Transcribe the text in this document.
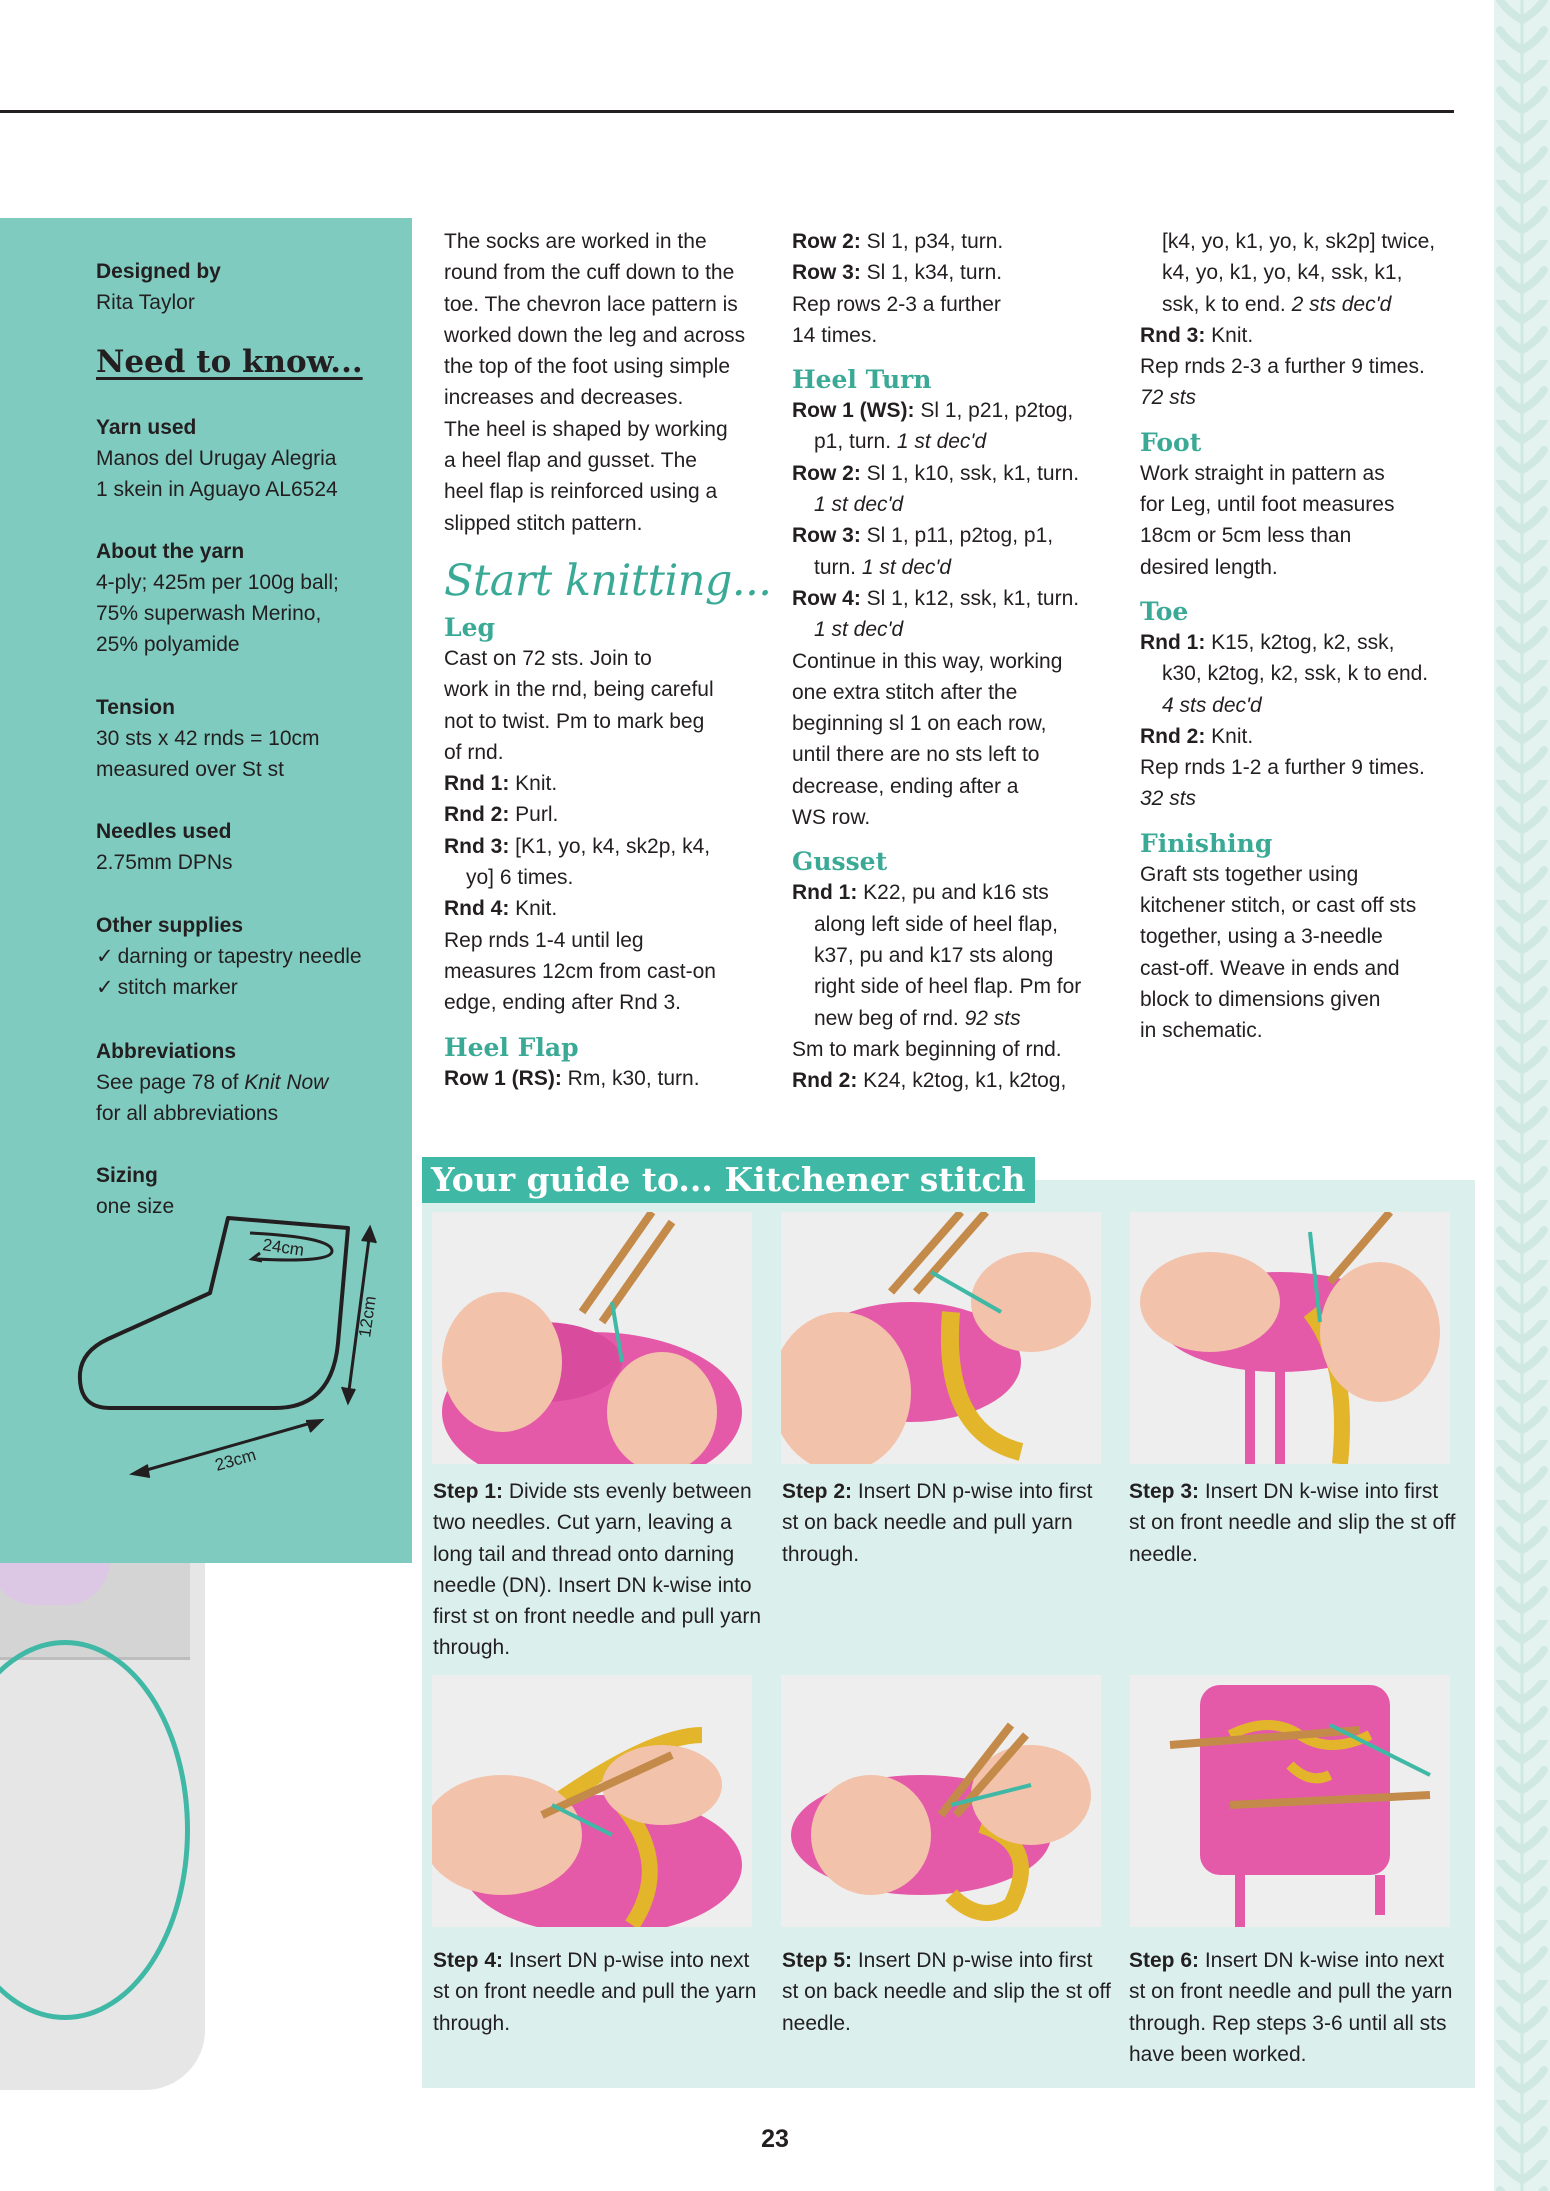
Designed by
Rita Taylor
Need to know...
Yarn used
Manos del Urugay Alegria
1 skein in Aguayo AL6524
About the yarn
4-ply; 425m per 100g ball;
75% superwash Merino,
25% polyamide
Tension
30 sts x 42 rnds = 10cm
measured over St st
Needles used
2.75mm DPNs
Other supplies
✓ darning or tapestry needle
✓ stitch marker
Abbreviations
See page 78 of Knit Now
for all abbreviations
Sizing
one size
24cm
12cm
23cm

The socks are worked in the

round from the cuff down to the

toe. The chevron lace pattern is

worked down the leg and across

the top of the foot using simple

increases and decreases.

The heel is shaped by working

a heel flap and gusset. The

heel flap is reinforced using a

slipped stitch pattern.

Start knitting...
Leg

Cast on 72 sts. Join to

work in the rnd, being careful

not to twist. Pm to mark beg

of rnd.

Rnd 1: Knit.

Rnd 2: Purl.

Rnd 3: [K1, yo, k4, sk2p, k4,

yo] 6 times.

Rnd 4: Knit.

Rep rnds 1-4 until leg

measures 12cm from cast-on

edge, ending after Rnd 3.

Heel Flap

Row 1 (RS): Rm, k30, turn.

Row 2: Sl 1, p34, turn.

Row 3: Sl 1, k34, turn.

Rep rows 2-3 a further

14 times.

Heel Turn

Row 1 (WS): Sl 1, p21, p2tog,

p1, turn. 1 st dec'd

Row 2: Sl 1, k10, ssk, k1, turn.

1 st dec'd

Row 3: Sl 1, p11, p2tog, p1,

turn. 1 st dec'd

Row 4: Sl 1, k12, ssk, k1, turn.

1 st dec'd

Continue in this way, working

one extra stitch after the

beginning sl 1 on each row,

until there are no sts left to

decrease, ending after a

WS row.

Gusset

Rnd 1: K22, pu and k16 sts

along left side of heel flap,

k37, pu and k17 sts along

right side of heel flap. Pm for

new beg of rnd. 92 sts

Sm to mark beginning of rnd.

Rnd 2: K24, k2tog, k1, k2tog,

[k4, yo, k1, yo, k, sk2p] twice,

k4, yo, k1, yo, k4, ssk, k1,

ssk, k to end. 2 sts dec'd

Rnd 3: Knit.

Rep rnds 2-3 a further 9 times.

72 sts

Foot

Work straight in pattern as

for Leg, until foot measures

18cm or 5cm less than

desired length.

Toe

Rnd 1: K15, k2tog, k2, ssk,

k30, k2tog, k2, ssk, k to end.

4 sts dec'd

Rnd 2: Knit.

Rep rnds 1-2 a further 9 times.

32 sts

Finishing

Graft sts together using

kitchener stitch, or cast off sts

together, using a 3-needle

cast-off. Weave in ends and

block to dimensions given

in schematic.

Your guide to... Kitchener stitch
Step 1: Divide sts evenly between two needles. Cut yarn, leaving a long tail and thread onto darning needle (DN). Insert DN k-wise into first st on front needle and pull yarn through.
Step 2: Insert DN p-wise into first st on back needle and pull yarn through.
Step 3: Insert DN k-wise into first st on front needle and slip the st off needle.
Step 4: Insert DN p-wise into next st on front needle and pull the yarn through.
Step 5: Insert DN p-wise into first st on back needle and slip the st off needle.
Step 6: Insert DN k-wise into next st on front needle and pull the yarn through. Rep steps 3-6 until all sts have been worked.
23
